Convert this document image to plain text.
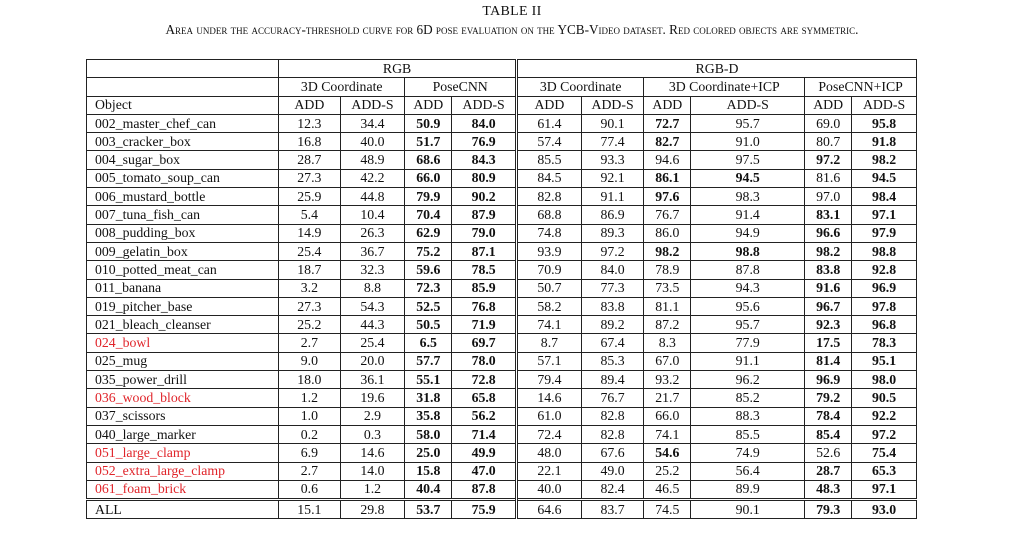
TABLE II
Area under the accuracy-threshold curve for 6D pose evaluation on the YCB-Video dataset. Red colored objects are symmetric.
	RGB				RGB-D					
	3D Coordinate		PoseCNN		3D Coordinate		3D Coordinate+ICP		PoseCNN+ICP	
Object	ADD	ADD-S	ADD	ADD-S	ADD	ADD-S	ADD	ADD-S	ADD	ADD-S
002_master_chef_can	12.3	34.4	50.9	84.0	61.4	90.1	72.7	95.7	69.0	95.8
003_cracker_box	16.8	40.0	51.7	76.9	57.4	77.4	82.7	91.0	80.7	91.8
004_sugar_box	28.7	48.9	68.6	84.3	85.5	93.3	94.6	97.5	97.2	98.2
005_tomato_soup_can	27.3	42.2	66.0	80.9	84.5	92.1	86.1	94.5	81.6	94.5
006_mustard_bottle	25.9	44.8	79.9	90.2	82.8	91.1	97.6	98.3	97.0	98.4
007_tuna_fish_can	5.4	10.4	70.4	87.9	68.8	86.9	76.7	91.4	83.1	97.1
008_pudding_box	14.9	26.3	62.9	79.0	74.8	89.3	86.0	94.9	96.6	97.9
009_gelatin_box	25.4	36.7	75.2	87.1	93.9	97.2	98.2	98.8	98.2	98.8
010_potted_meat_can	18.7	32.3	59.6	78.5	70.9	84.0	78.9	87.8	83.8	92.8
011_banana	3.2	8.8	72.3	85.9	50.7	77.3	73.5	94.3	91.6	96.9
019_pitcher_base	27.3	54.3	52.5	76.8	58.2	83.8	81.1	95.6	96.7	97.8
021_bleach_cleanser	25.2	44.3	50.5	71.9	74.1	89.2	87.2	95.7	92.3	96.8
024_bowl	2.7	25.4	6.5	69.7	8.7	67.4	8.3	77.9	17.5	78.3
025_mug	9.0	20.0	57.7	78.0	57.1	85.3	67.0	91.1	81.4	95.1
035_power_drill	18.0	36.1	55.1	72.8	79.4	89.4	93.2	96.2	96.9	98.0
036_wood_block	1.2	19.6	31.8	65.8	14.6	76.7	21.7	85.2	79.2	90.5
037_scissors	1.0	2.9	35.8	56.2	61.0	82.8	66.0	88.3	78.4	92.2
040_large_marker	0.2	0.3	58.0	71.4	72.4	82.8	74.1	85.5	85.4	97.2
051_large_clamp	6.9	14.6	25.0	49.9	48.0	67.6	54.6	74.9	52.6	75.4
052_extra_large_clamp	2.7	14.0	15.8	47.0	22.1	49.0	25.2	56.4	28.7	65.3
061_foam_brick	0.6	1.2	40.4	87.8	40.0	82.4	46.5	89.9	48.3	97.1
ALL	15.1	29.8	53.7	75.9	64.6	83.7	74.5	90.1	79.3	93.0
